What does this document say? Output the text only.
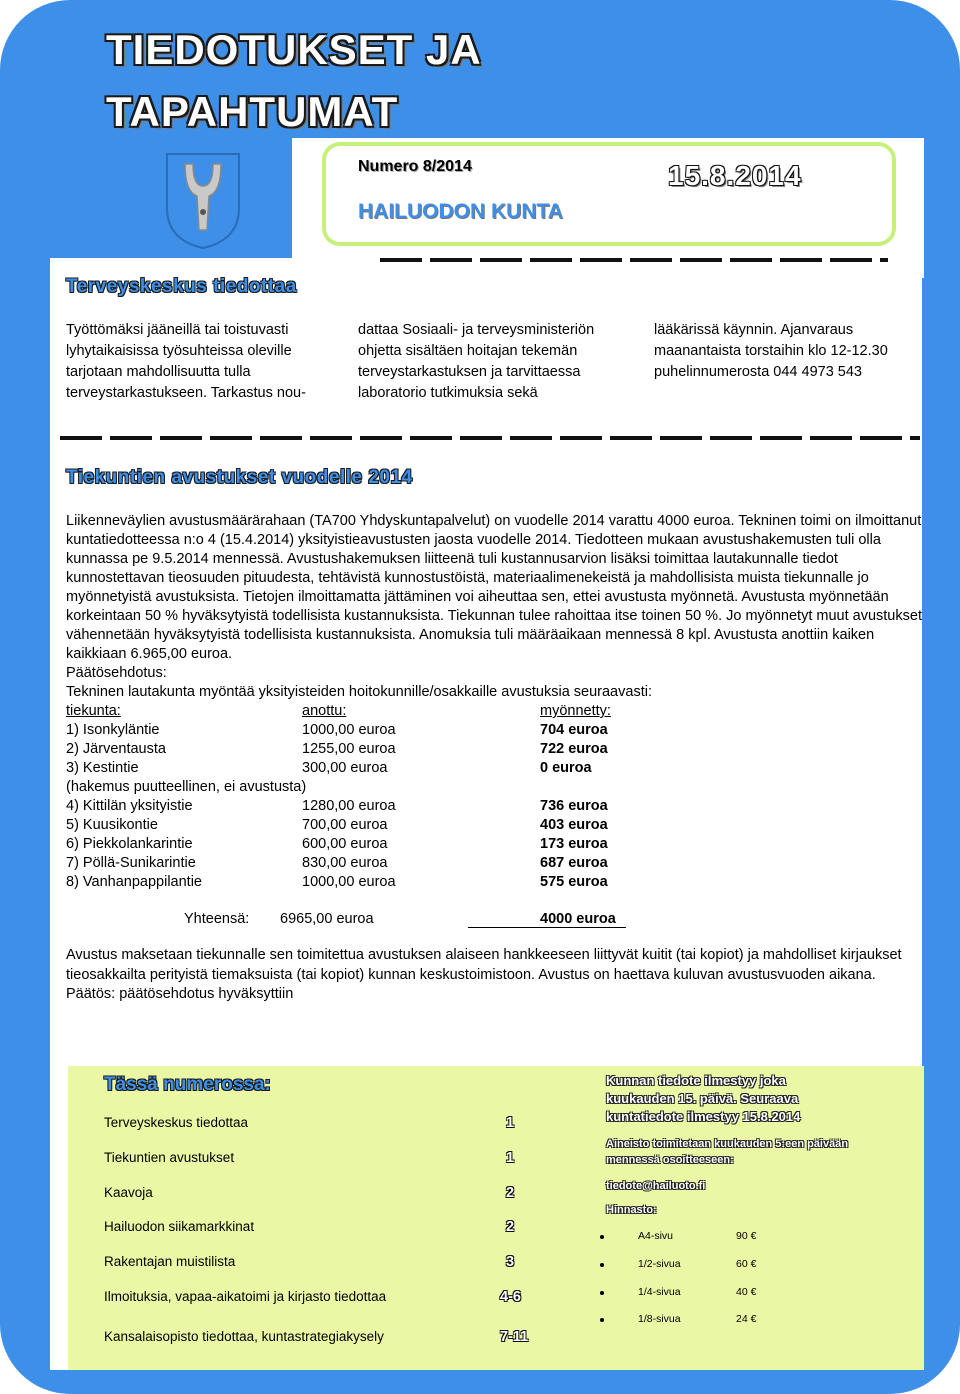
TIEDOTUKSET JA
TAPAHTUMAT
Numero 8/2014	15.8.2014
HAILUODON KUNTA
Terveyskeskus tiedottaa
Työttömäksi jääneillä tai toistuvasti lyhytaikaisissa työsuhteissa oleville tarjotaan mahdollisuutta tulla terveystarkastukseen. Tarkastus nou-
dattaa Sosiaali- ja terveysministeriön ohjetta sisältäen hoitajan tekemän terveystarkastuksen ja tarvittaessa laboratorio tutkimuksia sekä
lääkärissä käynnin. Ajanvaraus maanantaista torstaihin klo 12-12.30 puhelinnumerosta 044 4973 543
Tiekuntien avustukset vuodelle 2014
Liikenneväylien avustusmäärärahaan (TA700 Yhdyskuntapalvelut) on vuodelle 2014 varattu 4000 euroa. Tekninen toimi on ilmoittanut kuntatiedotteessa n:o 4 (15.4.2014) yksityistieavustusten jaosta vuodelle 2014. Tiedotteen mukaan avustushakemusten tuli olla kunnassa pe 9.5.2014 mennessä. Avustushakemuksen liitteenä tuli kustannusarvion lisäksi toimittaa lautakunnalle tiedot kunnostettavan tieosuuden pituudesta, tehtävistä kunnostustöistä, materiaalimenekeistä ja mahdollisista muista tiekunnalle jo myönnetyistä avustuksista. Tietojen ilmoittamatta jättäminen voi aiheuttaa sen, ettei avustusta myönnetä. Avustusta myönnetään korkeintaan 50 % hyväksytyistä todellisista kustannuksista. Tiekunnan tulee rahoittaa itse toinen 50 %. Jo myönnetyt muut avustukset vähennetään hyväksytyistä todellisista kustannuksista. Anomuksia tuli määräaikaan mennessä 8 kpl. Avustusta anottiin kaiken kaikkiaan 6.965,00 euroa.
Päätösehdotus:
Tekninen lautakunta myöntää yksityisteiden hoitokunnille/osakkaille avustuksia seuraavasti:
tiekunta:	anottu:	myönnetty:
1) Isonkyläntie	1000,00 euroa	704 euroa
2) Järventausta	1255,00 euroa	722 euroa
3) Kestintie	300,00 euroa	0 euroa
(hakemus puutteellinen, ei avustusta)
4) Kittilän yksityistie	1280,00 euroa	736 euroa
5) Kuusikontie	700,00 euroa	403 euroa
6) Piekkolankarintie	600,00 euroa	173 euroa
7) Pöllä-Sunikarintie	830,00 euroa	687 euroa
8) Vanhanpappilantie	1000,00 euroa	575 euroa
Yhteensä: 6965,00 euroa	4000 euroa
Avustus maksetaan tiekunnalle sen toimitettua avustuksen alaiseen hankkeeseen liittyvät kuitit (tai kopiot) ja mahdolliset kirjaukset tieosakkailta perityistä tiemaksuista (tai kopiot) kunnan keskustoimistoon. Avustus on haettava kuluvan avustusvuoden aikana.
Päätös: päätösehdotus hyväksyttiin
Tässä numerossa:
Terveyskeskus tiedottaa	1
Tiekuntien avustukset	1
Kaavoja	2
Hailuodon siikamarkkinat	2
Rakentajan muistilista	3
Ilmoituksia, vapaa-aikatoimi ja kirjasto tiedottaa	4-6
Kansalaisopisto tiedottaa, kuntastrategiakysely	7-11
Kunnan tiedote ilmestyy joka kuukauden 15. päivä. Seuraava kuntatiedote ilmestyy 15.8.2014
Aineisto toimitetaan kuukauden 5:een päivään mennessä osoitteeseen:
tiedote@hailuoto.fi
Hinnasto:
A4-sivu	90 €
1/2-sivua	60 €
1/4-sivua	40 €
1/8-sivua	24 €
